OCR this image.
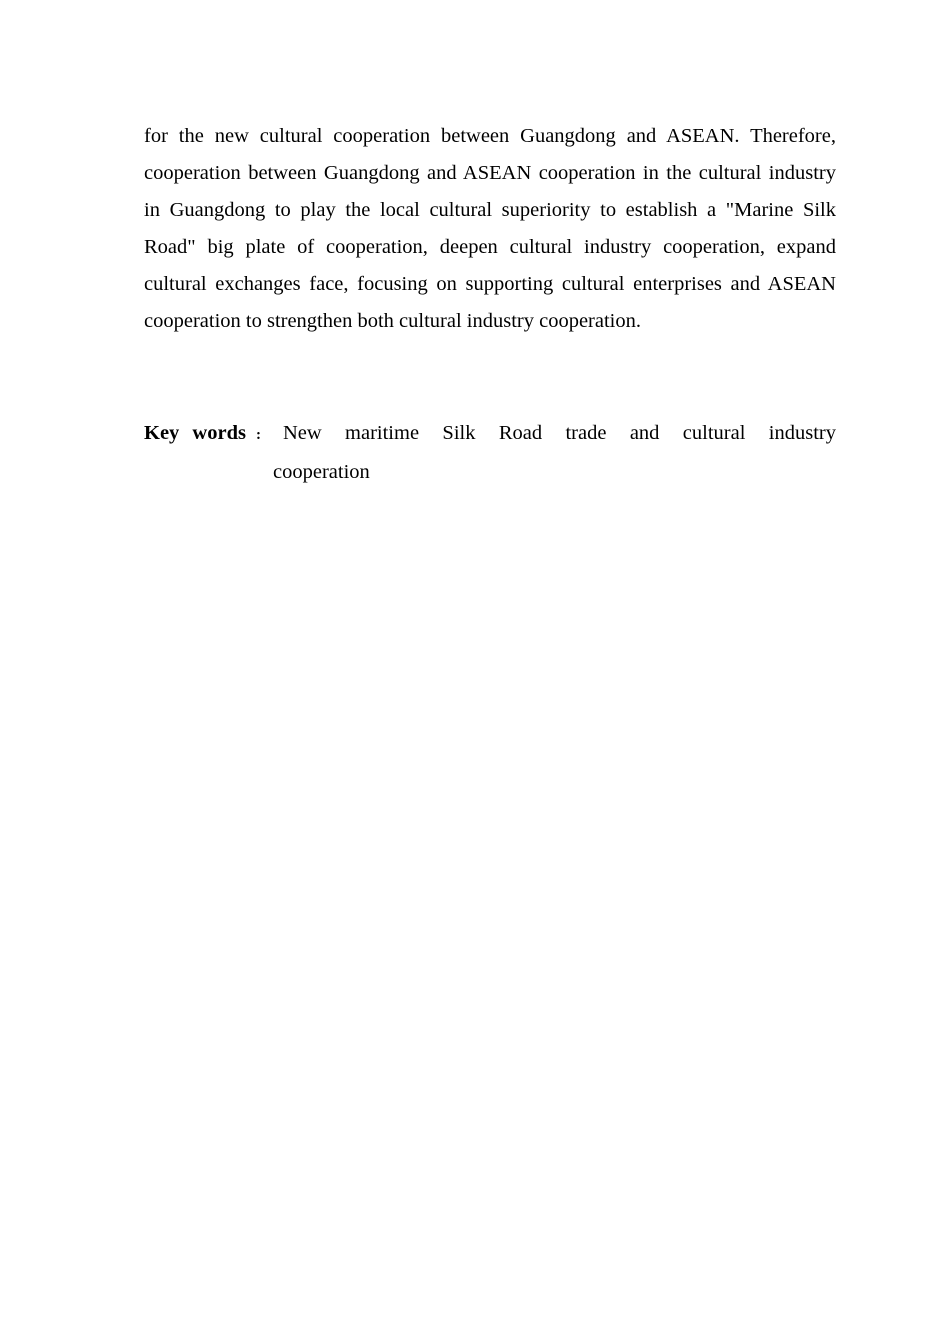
for the new cultural cooperation between Guangdong and ASEAN. Therefore, cooperation between Guangdong and ASEAN cooperation in the cultural industry in Guangdong to play the local cultural superiority to establish a "Marine Silk Road" big plate of cooperation, deepen cultural industry cooperation, expand cultural exchanges face, focusing on supporting cultural enterprises and ASEAN cooperation to strengthen both cultural industry cooperation.

Key words : New maritime Silk Road trade and cultural industry
cooperation
